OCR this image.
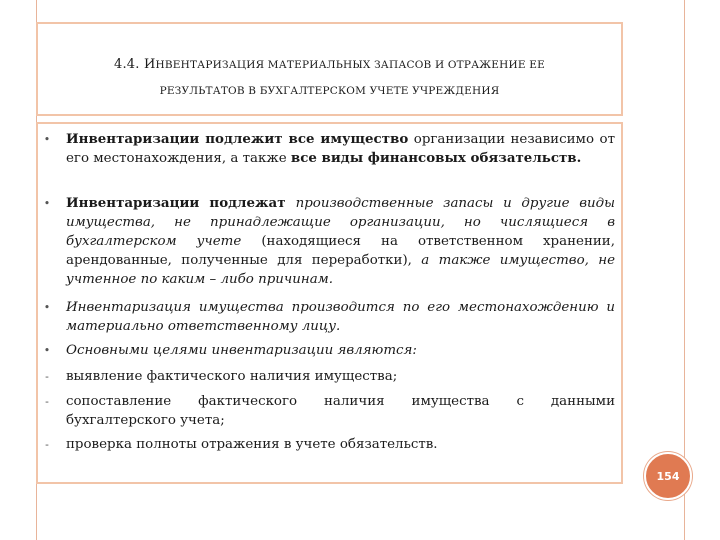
4.4. ИНВЕНТАРИЗАЦИЯ МАТЕРИАЛЬНЫХ ЗАПАСОВ И ОТРАЖЕНИЕ ЕЕ
РЕЗУЛЬТАТОВ В БУХГАЛТЕРСКОМ УЧЕТЕ УЧРЕЖДЕНИЯ
• Инвентаризации подлежит все имущество организации независимо от его местонахождения, а также все виды финансовых обязательств.
• Инвентаризации подлежат производственные запасы и другие виды имущества, не принадлежащие организации, но числящиеся в бухгалтерском учете (находящиеся на ответственном хранении, арендованные, полученные для переработки), а также имущество, не учтенное по каким – либо причинам.
• Инвентаризация имущества производится по его местонахождению и материально ответственному лицу.
• Основными целями инвентаризации являются:
- выявление фактического наличия имущества;
- сопоставление фактического наличия имущества с данными бухгалтерского учета;
- проверка полноты отражения в учете обязательств.
154
